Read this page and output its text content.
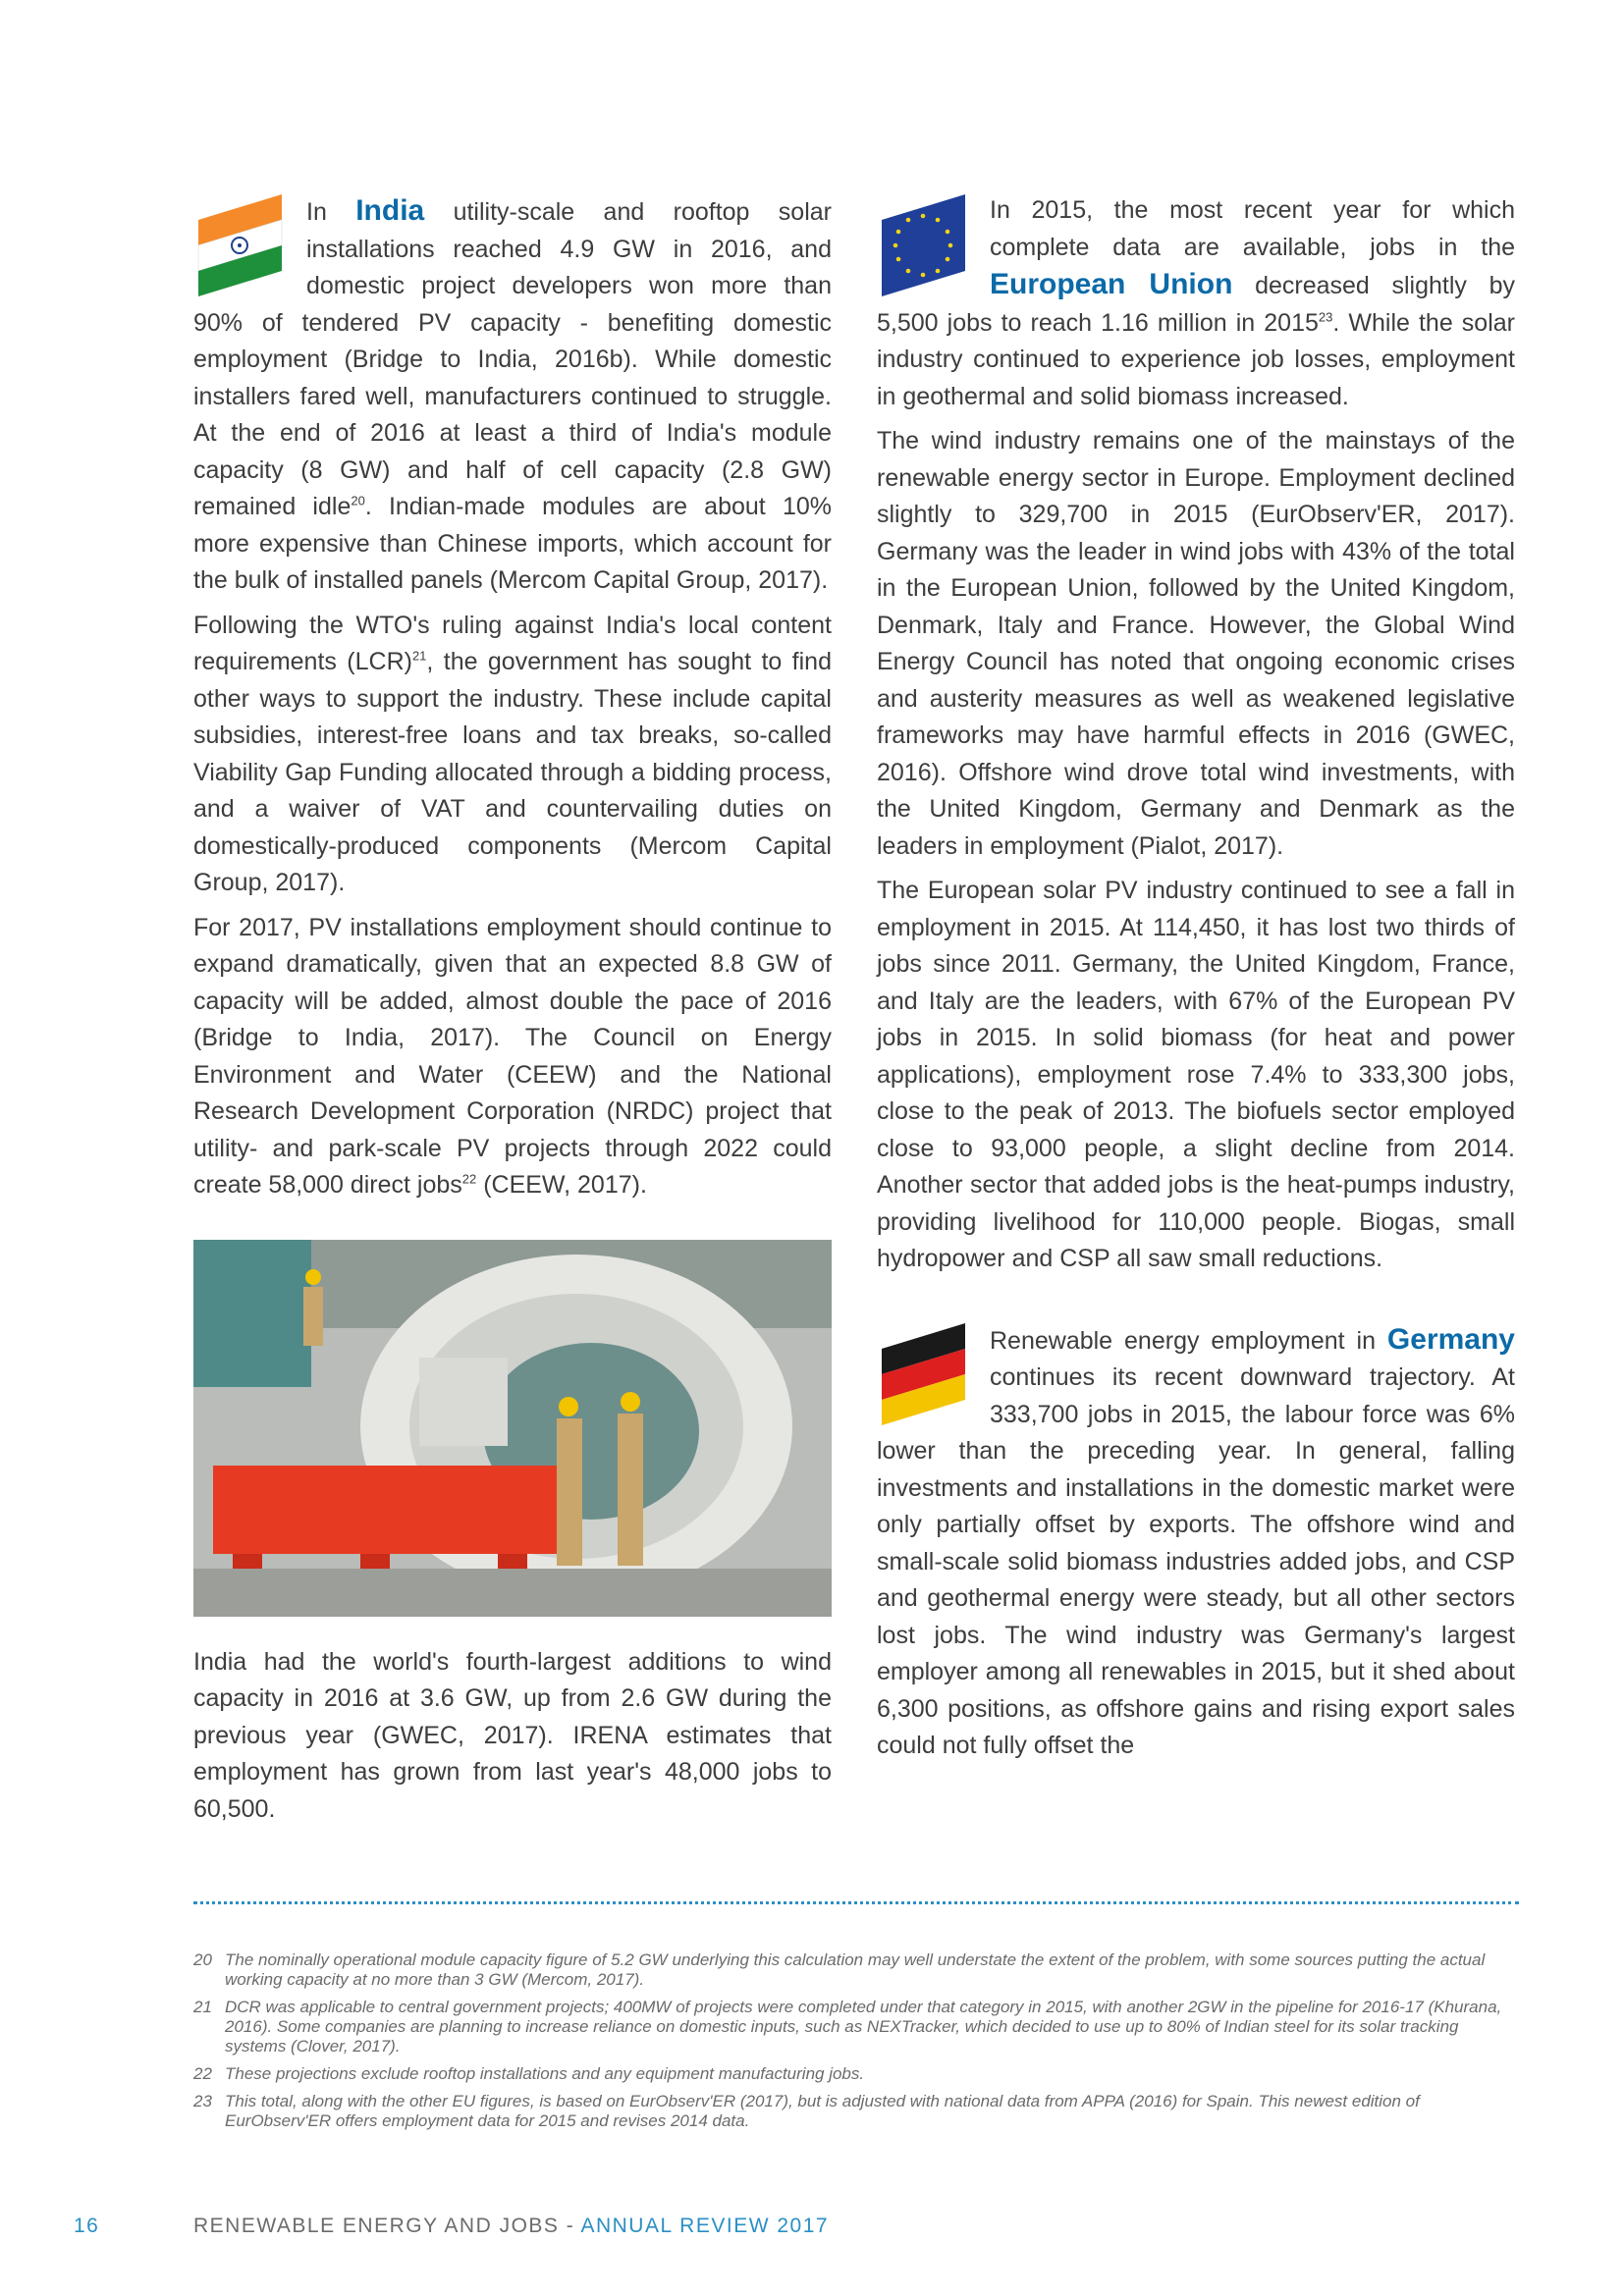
In India utility-scale and rooftop solar installations reached 4.9 GW in 2016, and domestic project developers won more than 90% of tendered PV capacity - benefiting domestic employment (Bridge to India, 2016b). While domestic installers fared well, manufacturers continued to struggle. At the end of 2016 at least a third of India's module capacity (8 GW) and half of cell capacity (2.8 GW) remained idle$^{20}$. Indian-made modules are about 10% more expensive than Chinese imports, which account for the bulk of installed panels (Mercom Capital Group, 2017).

Following the WTO's ruling against India's local content requirements (LCR)$^{21}$, the government has sought to find other ways to support the industry. These include capital subsidies, interest-free loans and tax breaks, so-called Viability Gap Funding allocated through a bidding process, and a waiver of VAT and countervailing duties on domestically-produced components (Mercom Capital Group, 2017).

For 2017, PV installations employment should continue to expand dramatically, given that an expected 8.8 GW of capacity will be added, almost double the pace of 2016 (Bridge to India, 2017). The Council on Energy Environment and Water (CEEW) and the National Research Development Corporation (NRDC) project that utility- and park-scale PV projects through 2022 could create 58,000 direct jobs$^{22}$ (CEEW, 2017).

India had the world's fourth-largest additions to wind capacity in 2016 at 3.6 GW, up from 2.6 GW during the previous year (GWEC, 2017). IRENA estimates that employment has grown from last year's 48,000 jobs to 60,500.

In 2015, the most recent year for which complete data are available, jobs in the European Union decreased slightly by 5,500 jobs to reach 1.16 million in 2015$^{23}$. While the solar industry continued to experience job losses, employment in geothermal and solid biomass increased.

The wind industry remains one of the mainstays of the renewable energy sector in Europe. Employment declined slightly to 329,700 in 2015 (EurObserv'ER, 2017). Germany was the leader in wind jobs with 43% of the total in the European Union, followed by the United Kingdom, Denmark, Italy and France. However, the Global Wind Energy Council has noted that ongoing economic crises and austerity measures as well as weakened legislative frameworks may have harmful effects in 2016 (GWEC, 2016). Offshore wind drove total wind investments, with the United Kingdom, Germany and Denmark as the leaders in employment (Pialot, 2017).

The European solar PV industry continued to see a fall in employment in 2015. At 114,450, it has lost two thirds of jobs since 2011. Germany, the United Kingdom, France, and Italy are the leaders, with 67% of the European PV jobs in 2015. In solid biomass (for heat and power applications), employment rose 7.4% to 333,300 jobs, close to the peak of 2013. The biofuels sector employed close to 93,000 people, a slight decline from 2014. Another sector that added jobs is the heat-pumps industry, providing livelihood for 110,000 people. Biogas, small hydropower and CSP all saw small reductions.

Renewable energy employment in Germany continues its recent downward trajectory. At 333,700 jobs in 2015, the labour force was 6% lower than the preceding year. In general, falling investments and installations in the domestic market were only partially offset by exports. The offshore wind and small-scale solid biomass industries added jobs, and CSP and geothermal energy were steady, but all other sectors lost jobs. The wind industry was Germany's largest employer among all renewables in 2015, but it shed about 6,300 positions, as offshore gains and rising export sales could not fully offset the

20 The nominally operational module capacity figure of 5.2 GW underlying this calculation may well understate the extent of the problem, with some sources putting the actual working capacity at no more than 3 GW (Mercom, 2017).
21 DCR was applicable to central government projects; 400MW of projects were completed under that category in 2015, with another 2GW in the pipeline for 2016-17 (Khurana, 2016). Some companies are planning to increase reliance on domestic inputs, such as NEXTracker, which decided to use up to 80% of Indian steel for its solar tracking systems (Clover, 2017).
22 These projections exclude rooftop installations and any equipment manufacturing jobs.
23 This total, along with the other EU figures, is based on EurObserv'ER (2017), but is adjusted with national data from APPA (2016) for Spain. This newest edition of EurObserv'ER offers employment data for 2015 and revises 2014 data.
16	RENEWABLE ENERGY AND JOBS - ANNUAL REVIEW 2017
